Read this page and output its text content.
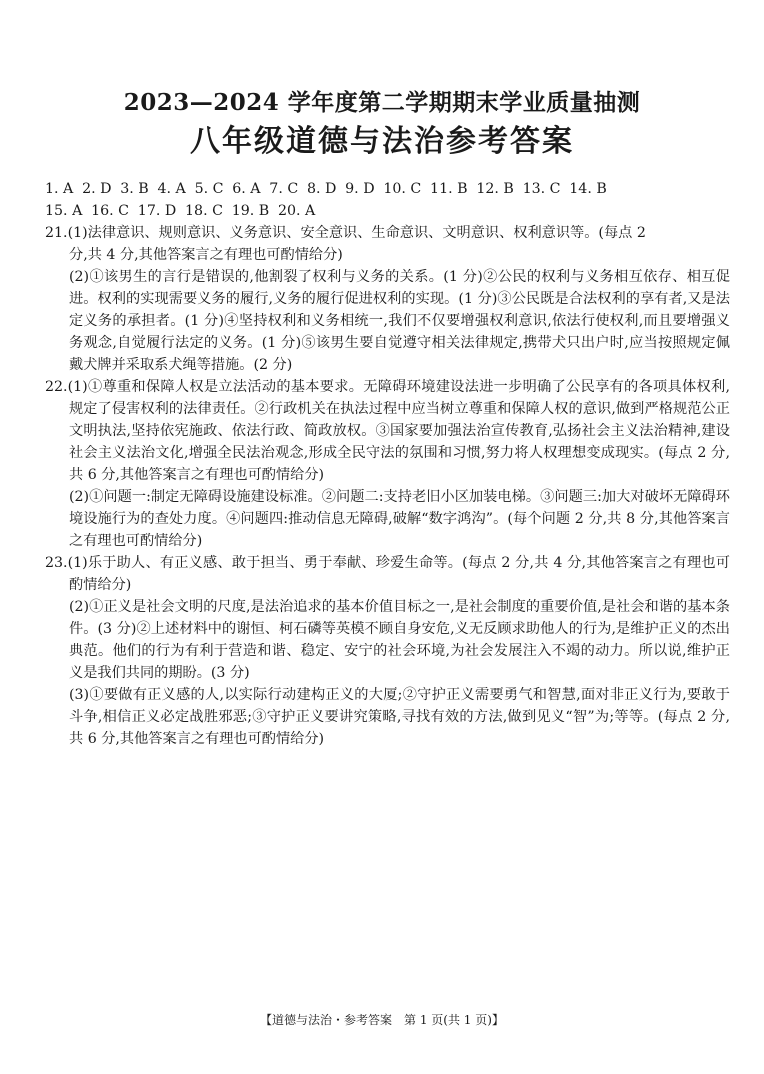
2023—2024 学年度第二学期期末学业质量抽测
八年级道德与法治参考答案

1. A 2. D 3. B 4. A 5. C 6. A 7. C 8. D 9. D 10. C 11. B 12. B 13. C 14. B

15. A 16. C 17. D 18. C 19. B 20. A

21.(1)法律意识、规则意识、义务意识、安全意识、生命意识、文明意识、权利意识等。(每点 2

分,共 4 分,其他答案言之有理也可酌情给分)

(2)①该男生的言行是错误的,他割裂了权利与义务的关系。(1 分)②公民的权利与义务相互依存、相互促进。权利的实现需要义务的履行,义务的履行促进权利的实现。(1 分)③公民既是合法权利的享有者,又是法定义务的承担者。(1 分)④坚持权利和义务相统一,我们不仅要增强权利意识,依法行使权利,而且要增强义务观念,自觉履行法定的义务。(1 分)⑤该男生要自觉遵守相关法律规定,携带犬只出户时,应当按照规定佩戴犬牌并采取系犬绳等措施。(2 分)

22.(1)①尊重和保障人权是立法活动的基本要求。无障碍环境建设法进一步明确了公民享有的各项具体权利,规定了侵害权利的法律责任。②行政机关在执法过程中应当树立尊重和保障人权的意识,做到严格规范公正文明执法,坚持依宪施政、依法行政、简政放权。③国家要加强法治宣传教育,弘扬社会主义法治精神,建设社会主义法治文化,增强全民法治观念,形成全民守法的氛围和习惯,努力将人权理想变成现实。(每点 2 分,共 6 分,其他答案言之有理也可酌情给分)

(2)①问题一:制定无障碍设施建设标准。②问题二:支持老旧小区加装电梯。③问题三:加大对破坏无障碍环境设施行为的查处力度。④问题四:推动信息无障碍,破解“数字鸿沟”。(每个问题 2 分,共 8 分,其他答案言之有理也可酌情给分)

23.(1)乐于助人、有正义感、敢于担当、勇于奉献、珍爱生命等。(每点 2 分,共 4 分,其他答案言之有理也可酌情给分)

(2)①正义是社会文明的尺度,是法治追求的基本价值目标之一,是社会制度的重要价值,是社会和谐的基本条件。(3 分)②上述材料中的谢恒、柯石磷等英模不顾自身安危,义无反顾求助他人的行为,是维护正义的杰出典范。他们的行为有利于营造和谐、稳定、安宁的社会环境,为社会发展注入不竭的动力。所以说,维护正义是我们共同的期盼。(3 分)

(3)①要做有正义感的人,以实际行动建构正义的大厦;②守护正义需要勇气和智慧,面对非正义行为,要敢于斗争,相信正义必定战胜邪恶;③守护正义要讲究策略,寻找有效的方法,做到见义“智”为;等等。(每点 2 分,共 6 分,其他答案言之有理也可酌情给分)

【道德与法治・参考答案　第 1 页(共 1 页)】
